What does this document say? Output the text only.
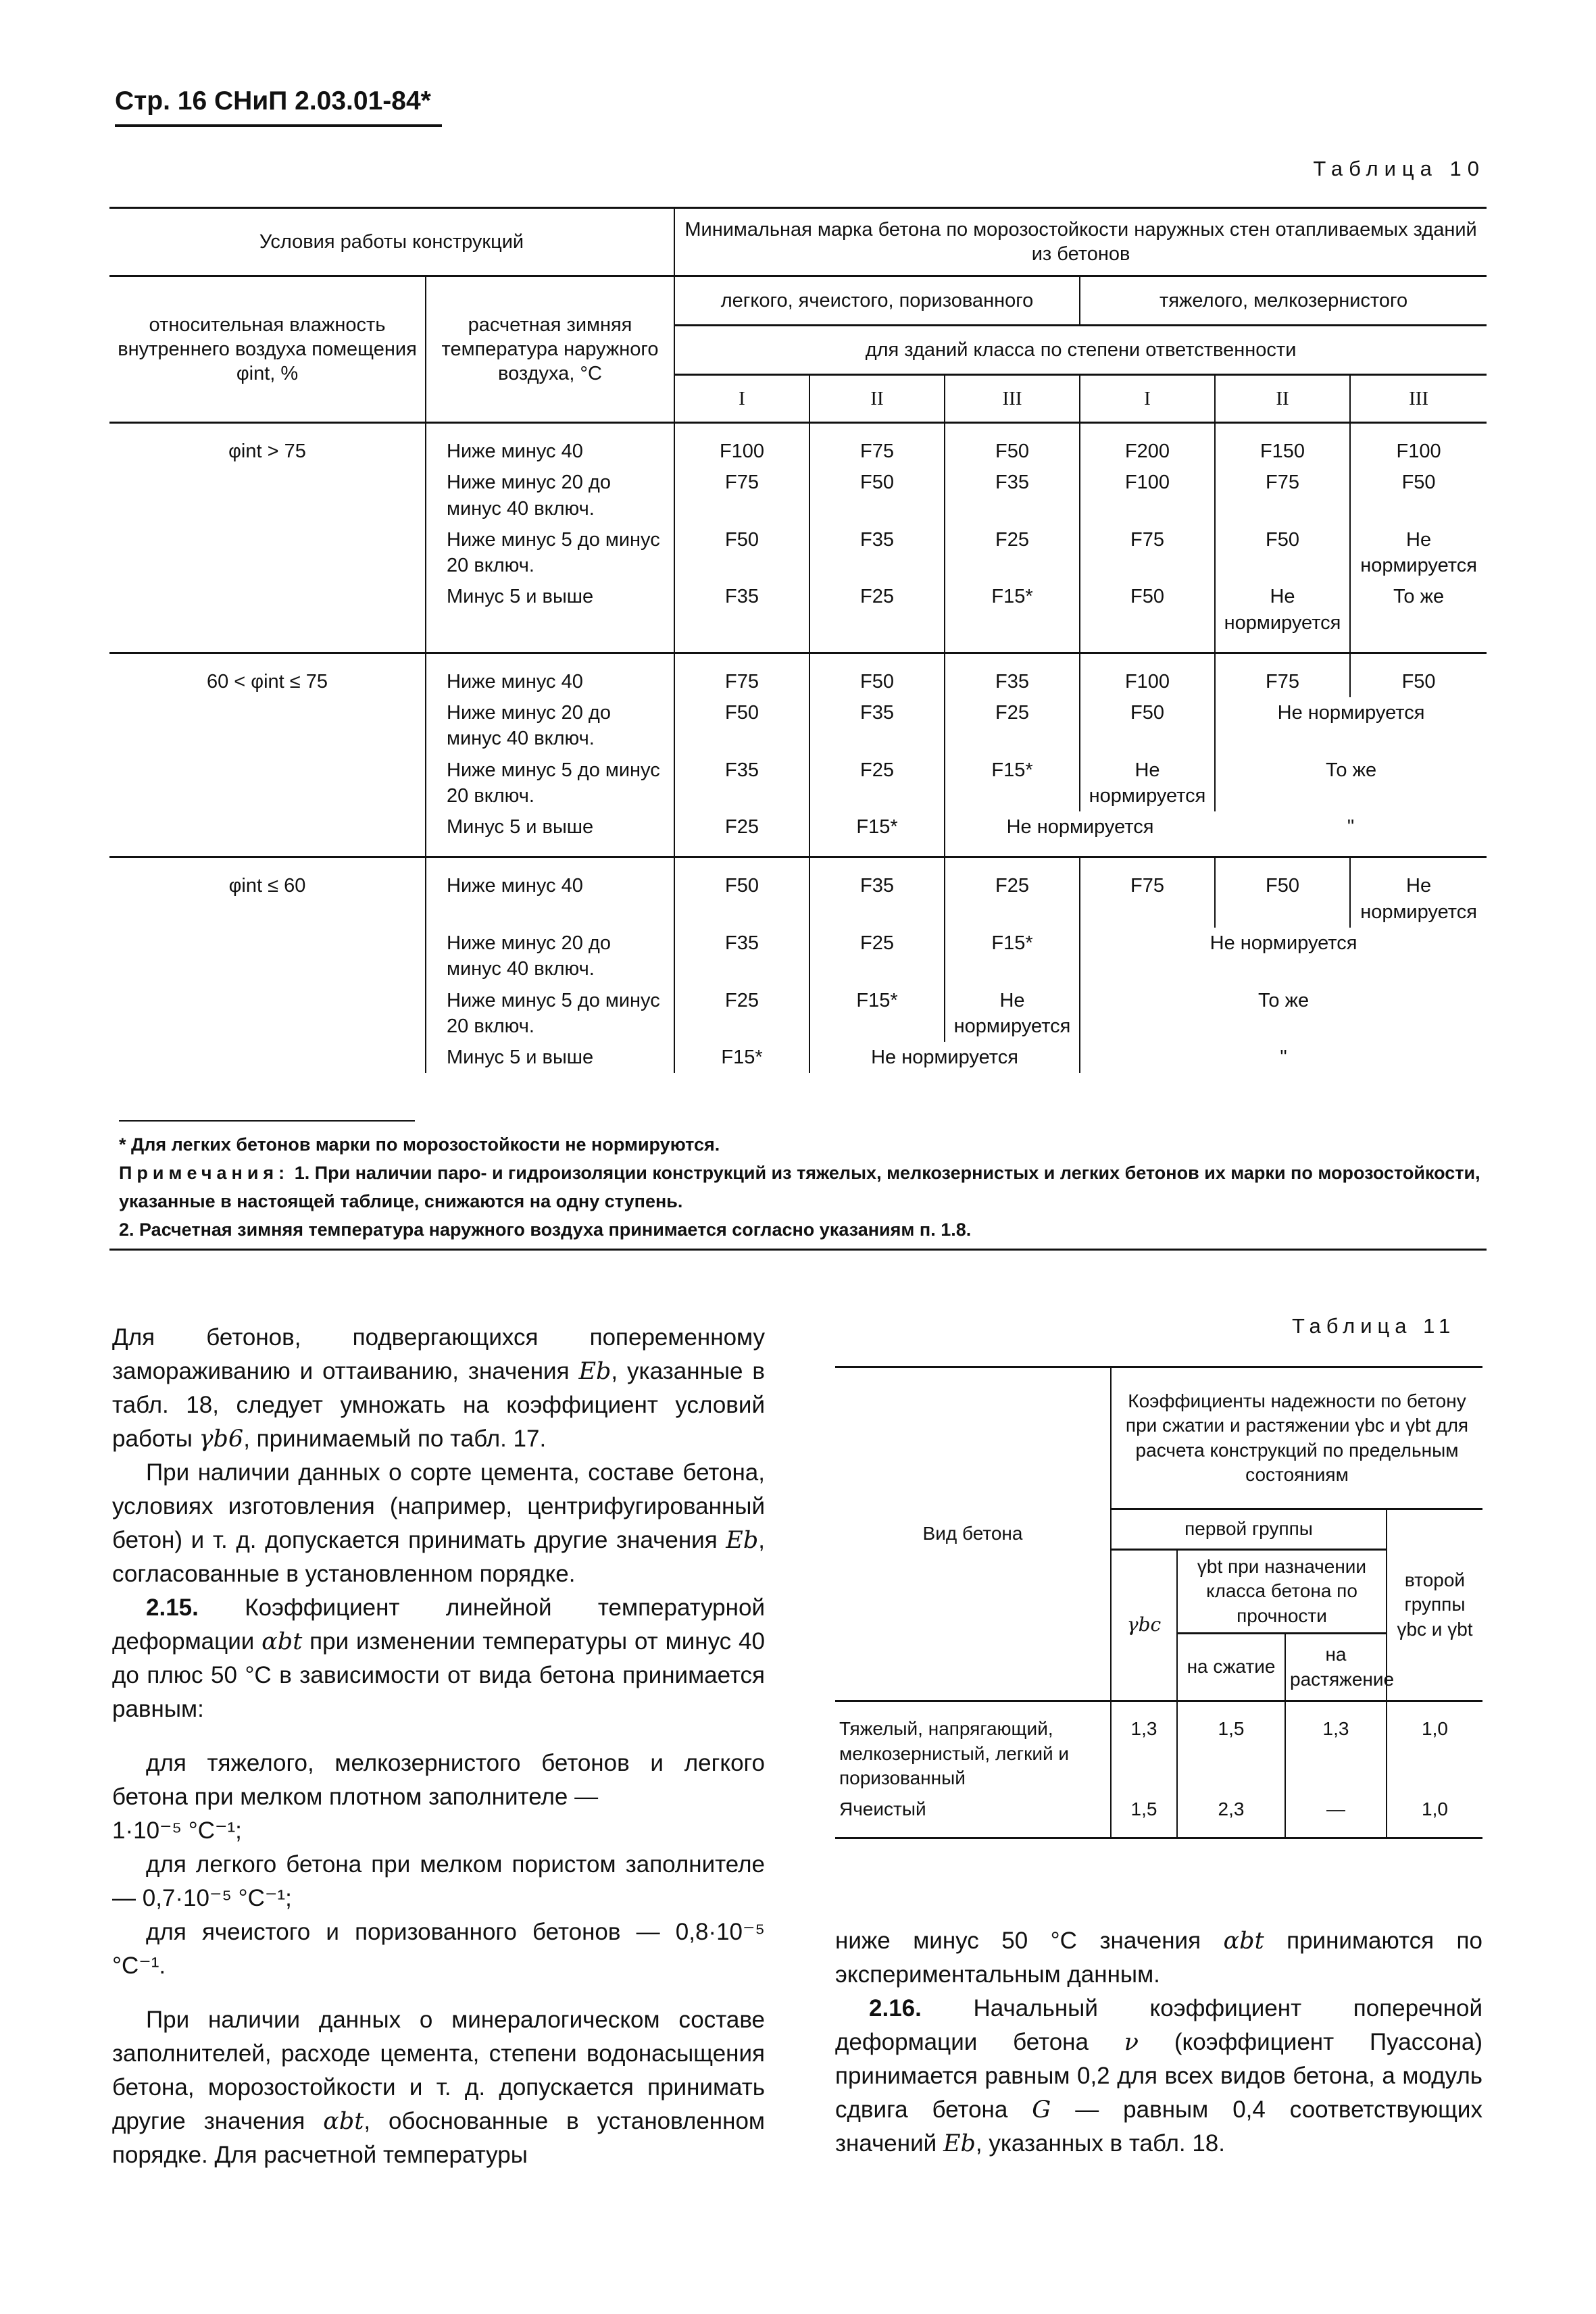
Стр. 16 СНиП 2.03.01-84*
Таблица 10
Условия работы конструкций		Минимальная марка бетона по морозостойкости наружных стен отапливаемых зданий из бетонов					
относительная влажность внутреннего воздуха помещения φint, %	расчетная зимняя температура наружного воздуха, °С	легкого, ячеистого, поризованного			тяжелого, мелкозернистого		
		для зданий класса по степени ответственности					
		I	II	III	I	II	III
φint > 75	Ниже минус 40	F100	F75	F50	F200	F150	F100
	Ниже минус 20 до минус 40 включ.	F75	F50	F35	F100	F75	F50
	Ниже минус 5 до минус 20 включ.	F50	F35	F25	F75	F50	Не нормируется
	Минус 5 и выше	F35	F25	F15*	F50	Не нормируется	То же
60 < φint ≤ 75	Ниже минус 40	F75	F50	F35	F100	F75	F50
	Ниже минус 20 до минус 40 включ.	F50	F35	F25	F50	Не нормируется	
	Ниже минус 5 до минус 20 включ.	F35	F25	F15*	Не нормируется	То же	
	Минус 5 и выше	F25	F15*	Не нормируется		"	
φint ≤ 60	Ниже минус 40	F50	F35	F25	F75	F50	Не нормируется
	Ниже минус 20 до минус 40 включ.	F35	F25	F15*	Не нормируется		
	Ниже минус 5 до минус 20 включ.	F25	F15*	Не нормируется	То же		
	Минус 5 и выше	F15*	Не нормируется		"		
* Для легких бетонов марки по морозостойкости не нормируются.
Примечания: 1. При наличии паро- и гидроизоляции конструкций из тяжелых, мелкозернистых и легких бетонов их марки по морозостойкости, указанные в настоящей таблице, снижаются на одну ступень.
2. Расчетная зимняя температура наружного воздуха принимается согласно указаниям п. 1.8.

Для бетонов, подвергающихся попеременному замораживанию и оттаиванию, значения Eb, указанные в табл. 18, следует умножать на коэффициент условий работы γb6, принимаемый по табл. 17.

При наличии данных о сорте цемента, составе бетона, условиях изготовления (например, центрифугированный бетон) и т. д. допускается принимать другие значения Eb, согласованные в установленном порядке.

2.15. Коэффициент линейной температурной деформации αbt при изменении температуры от минус 40 до плюс 50 °С в зависимости от вида бетона принимается равным:

для тяжелого, мелкозернистого бетонов и легкого бетона при мелком плотном заполнителе —
1·10⁻⁵ °С⁻¹;

для легкого бетона при мелком пористом заполнителе — 0,7·10⁻⁵ °С⁻¹;

для ячеистого и поризованного бетонов — 0,8·10⁻⁵ °С⁻¹.

При наличии данных о минералогическом составе заполнителей, расходе цемента, степени водонасыщения бетона, морозостойкости и т. д. допускается принимать другие значения αbt, обоснованные в установленном порядке. Для расчетной температуры

Таблица 11
Вид бетона	Коэффициенты надежности по бетону при сжатии и растяжении γbc и γbt для расчета конструкций по предельным состояниям			
	первой группы			второй группы γbc и γbt
	γbc	γbt при назначении класса бетона по прочности		
		на сжатие	на растяжение	
Тяжелый, напрягающий, мелкозернистый, легкий и поризованный	1,3	1,5	1,3	1,0
Ячеистый	1,5	2,3	—	1,0

ниже минус 50 °С значения αbt принимаются по экспериментальным данным.

2.16. Начальный коэффициент поперечной деформации бетона ν (коэффициент Пуассона) принимается равным 0,2 для всех видов бетона, а модуль сдвига бетона G — равным 0,4 соответствующих значений Eb, указанных в табл. 18.
